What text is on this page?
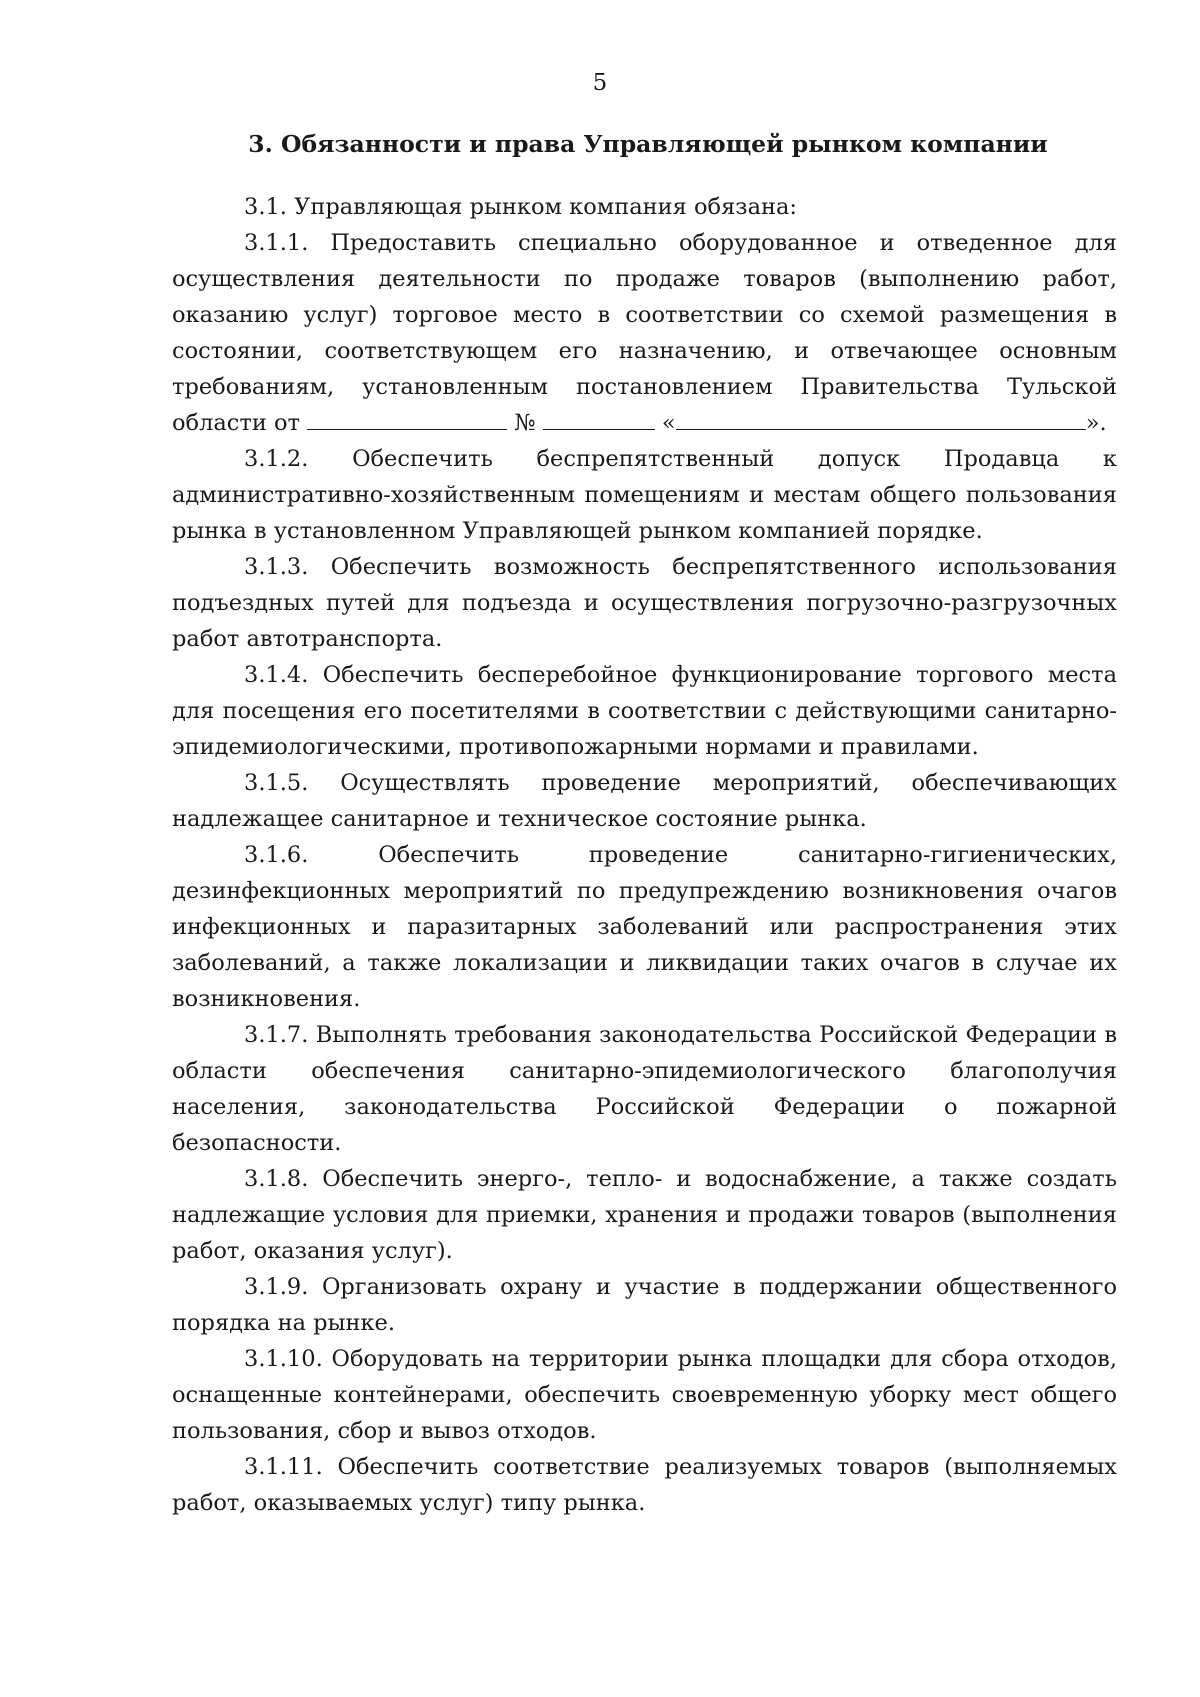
5
3. Обязанности и права Управляющей рынком компании

3.1. Управляющая рынком компания обязана:

3.1.1. Предоставить специально оборудованное и отведенное для осуществления деятельности по продаже товаров (выполнению работ, оказанию услуг) торговое место в соответствии со схемой размещения в состоянии, соответствующем его назначению, и отвечающее основным требованиям, установленным постановлением Правительства Тульской области от	№	«	».

3.1.2. Обеспечить беспрепятственный допуск Продавца к административно-хозяйственным помещениям и местам общего пользования рынка в установленном Управляющей рынком компанией порядке.

3.1.3. Обеспечить возможность беспрепятственного использования подъездных путей для подъезда и осуществления погрузочно-разгрузочных работ автотранспорта.

3.1.4. Обеспечить бесперебойное функционирование торгового места для посещения его посетителями в соответствии с действующими санитарно-эпидемиологическими, противопожарными нормами и правилами.

3.1.5. Осуществлять проведение мероприятий, обеспечивающих надлежащее санитарное и техническое состояние рынка.

3.1.6. Обеспечить проведение санитарно-гигиенических, дезинфекционных мероприятий по предупреждению возникновения очагов инфекционных и паразитарных заболеваний или распространения этих заболеваний, а также локализации и ликвидации таких очагов в случае их возникновения.

3.1.7. Выполнять требования законодательства Российской Федерации в области обеспечения санитарно-эпидемиологического благополучия населения, законодательства Российской Федерации о пожарной безопасности.

3.1.8. Обеспечить энерго-, тепло- и водоснабжение, а также создать надлежащие условия для приемки, хранения и продажи товаров (выполнения работ, оказания услуг).

3.1.9. Организовать охрану и участие в поддержании общественного порядка на рынке.

3.1.10. Оборудовать на территории рынка площадки для сбора отходов, оснащенные контейнерами, обеспечить своевременную уборку мест общего пользования, сбор и вывоз отходов.

3.1.11. Обеспечить соответствие реализуемых товаров (выполняемых работ, оказываемых услуг) типу рынка.
